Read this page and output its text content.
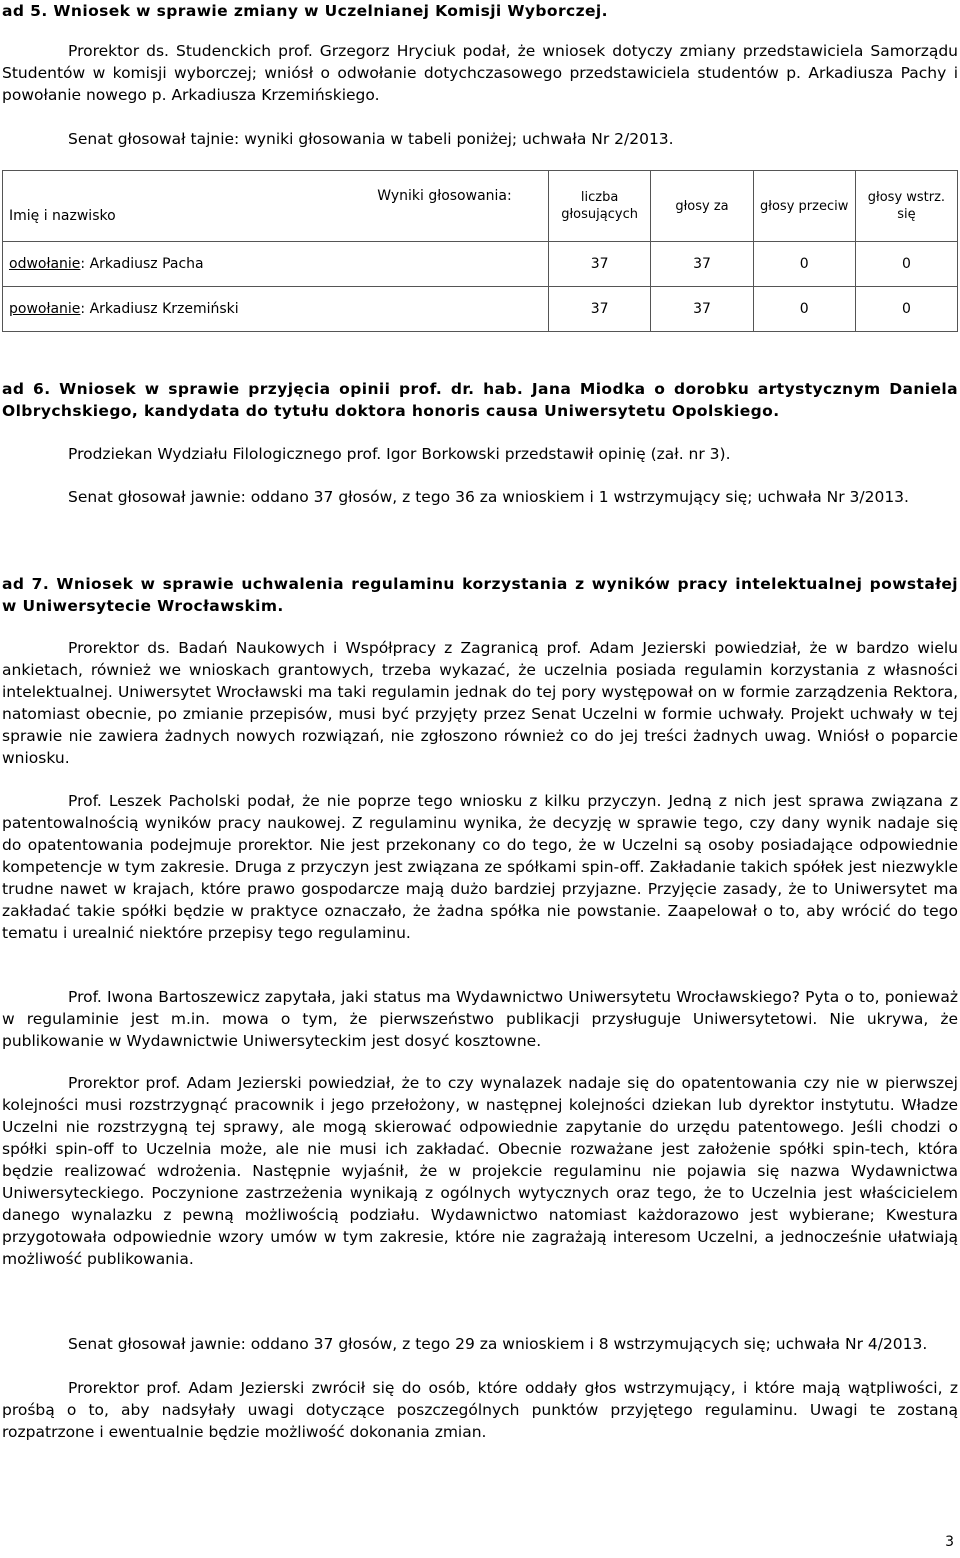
ad 5. Wniosek w sprawie zmiany w Uczelnianej Komisji Wyborczej.

Prorektor ds. Studenckich prof. Grzegorz Hryciuk podał, że wniosek dotyczy zmiany przedstawiciela Samorządu Studentów w komisji wyborczej; wniósł o odwołanie dotychczasowego przedstawiciela studentów p. Arkadiusza Pachy i powołanie nowego p. Arkadiusza Krzemińskiego.

Senat głosował tajnie: wyniki głosowania w tabeli poniżej; uchwała Nr 2/2013.

Wyniki głosowania:
Imię i nazwisko	liczba głosujących	głosy za	głosy przeciw	głosy wstrz. się
odwołanie: Arkadiusz Pacha	37	37	0	0
powołanie: Arkadiusz Krzemiński	37	37	0	0

ad 6. Wniosek w sprawie przyjęcia opinii prof. dr. hab. Jana Miodka o dorobku artystycznym Daniela Olbrychskiego, kandydata do tytułu doktora honoris causa Uniwersytetu Opolskiego.

Prodziekan Wydziału Filologicznego prof. Igor Borkowski przedstawił opinię (zał. nr 3).

Senat głosował jawnie: oddano 37 głosów, z tego 36 za wnioskiem i 1 wstrzymujący się; uchwała Nr 3/2013.

ad 7. Wniosek w sprawie uchwalenia regulaminu korzystania z wyników pracy intelektualnej powstałej w Uniwersytecie Wrocławskim.

Prorektor ds. Badań Naukowych i Współpracy z Zagranicą prof. Adam Jezierski powiedział, że w bardzo wielu ankietach, również we wnioskach grantowych, trzeba wykazać, że uczelnia posiada regulamin korzystania z własności intelektualnej. Uniwersytet Wrocławski ma taki regulamin jednak do tej pory występował on w formie zarządzenia Rektora, natomiast obecnie, po zmianie przepisów, musi być przyjęty przez Senat Uczelni w formie uchwały. Projekt uchwały w tej sprawie nie zawiera żadnych nowych rozwiązań, nie zgłoszono również co do jej treści żadnych uwag. Wniósł o poparcie wniosku.

Prof. Leszek Pacholski podał, że nie poprze tego wniosku z kilku przyczyn. Jedną z nich jest sprawa związana z patentowalnością wyników pracy naukowej. Z regulaminu wynika, że decyzję w sprawie tego, czy dany wynik nadaje się do opatentowania podejmuje prorektor. Nie jest przekonany co do tego, że w Uczelni są osoby posiadające odpowiednie kompetencje w tym zakresie. Druga z przyczyn jest związana ze spółkami spin-off. Zakładanie takich spółek jest niezwykle trudne nawet w krajach, które prawo gospodarcze mają dużo bardziej przyjazne. Przyjęcie zasady, że to Uniwersytet ma zakładać takie spółki będzie w praktyce oznaczało, że żadna spółka nie powstanie. Zaapelował o to, aby wrócić do tego tematu i urealnić niektóre przepisy tego regulaminu.

Prof. Iwona Bartoszewicz zapytała, jaki status ma Wydawnictwo Uniwersytetu Wrocławskiego? Pyta o to, ponieważ w regulaminie jest m.in. mowa o tym, że pierwszeństwo publikacji przysługuje Uniwersytetowi. Nie ukrywa, że publikowanie w Wydawnictwie Uniwersyteckim jest dosyć kosztowne.

Prorektor prof. Adam Jezierski powiedział, że to czy wynalazek nadaje się do opatentowania czy nie w pierwszej kolejności musi rozstrzygnąć pracownik i jego przełożony, w następnej kolejności dziekan lub dyrektor instytutu. Władze Uczelni nie rozstrzygną tej sprawy, ale mogą skierować odpowiednie zapytanie do urzędu patentowego. Jeśli chodzi o spółki spin-off to Uczelnia może, ale nie musi ich zakładać. Obecnie rozważane jest założenie spółki spin-tech, która będzie realizować wdrożenia. Następnie wyjaśnił, że w projekcie regulaminu nie pojawia się nazwa Wydawnictwa Uniwersyteckiego. Poczynione zastrzeżenia wynikają z ogólnych wytycznych oraz tego, że to Uczelnia jest właścicielem danego wynalazku z pewną możliwością podziału. Wydawnictwo natomiast każdorazowo jest wybierane; Kwestura przygotowała odpowiednie wzory umów w tym zakresie, które nie zagrażają interesom Uczelni, a jednocześnie ułatwiają możliwość publikowania.

Senat głosował jawnie: oddano 37 głosów, z tego 29 za wnioskiem i 8 wstrzymujących się; uchwała Nr 4/2013.

Prorektor prof. Adam Jezierski zwrócił się do osób, które oddały głos wstrzymujący, i które mają wątpliwości, z prośbą o to, aby nadsyłały uwagi dotyczące poszczególnych punktów przyjętego regulaminu. Uwagi te zostaną rozpatrzone i ewentualnie będzie możliwość dokonania zmian.

3
